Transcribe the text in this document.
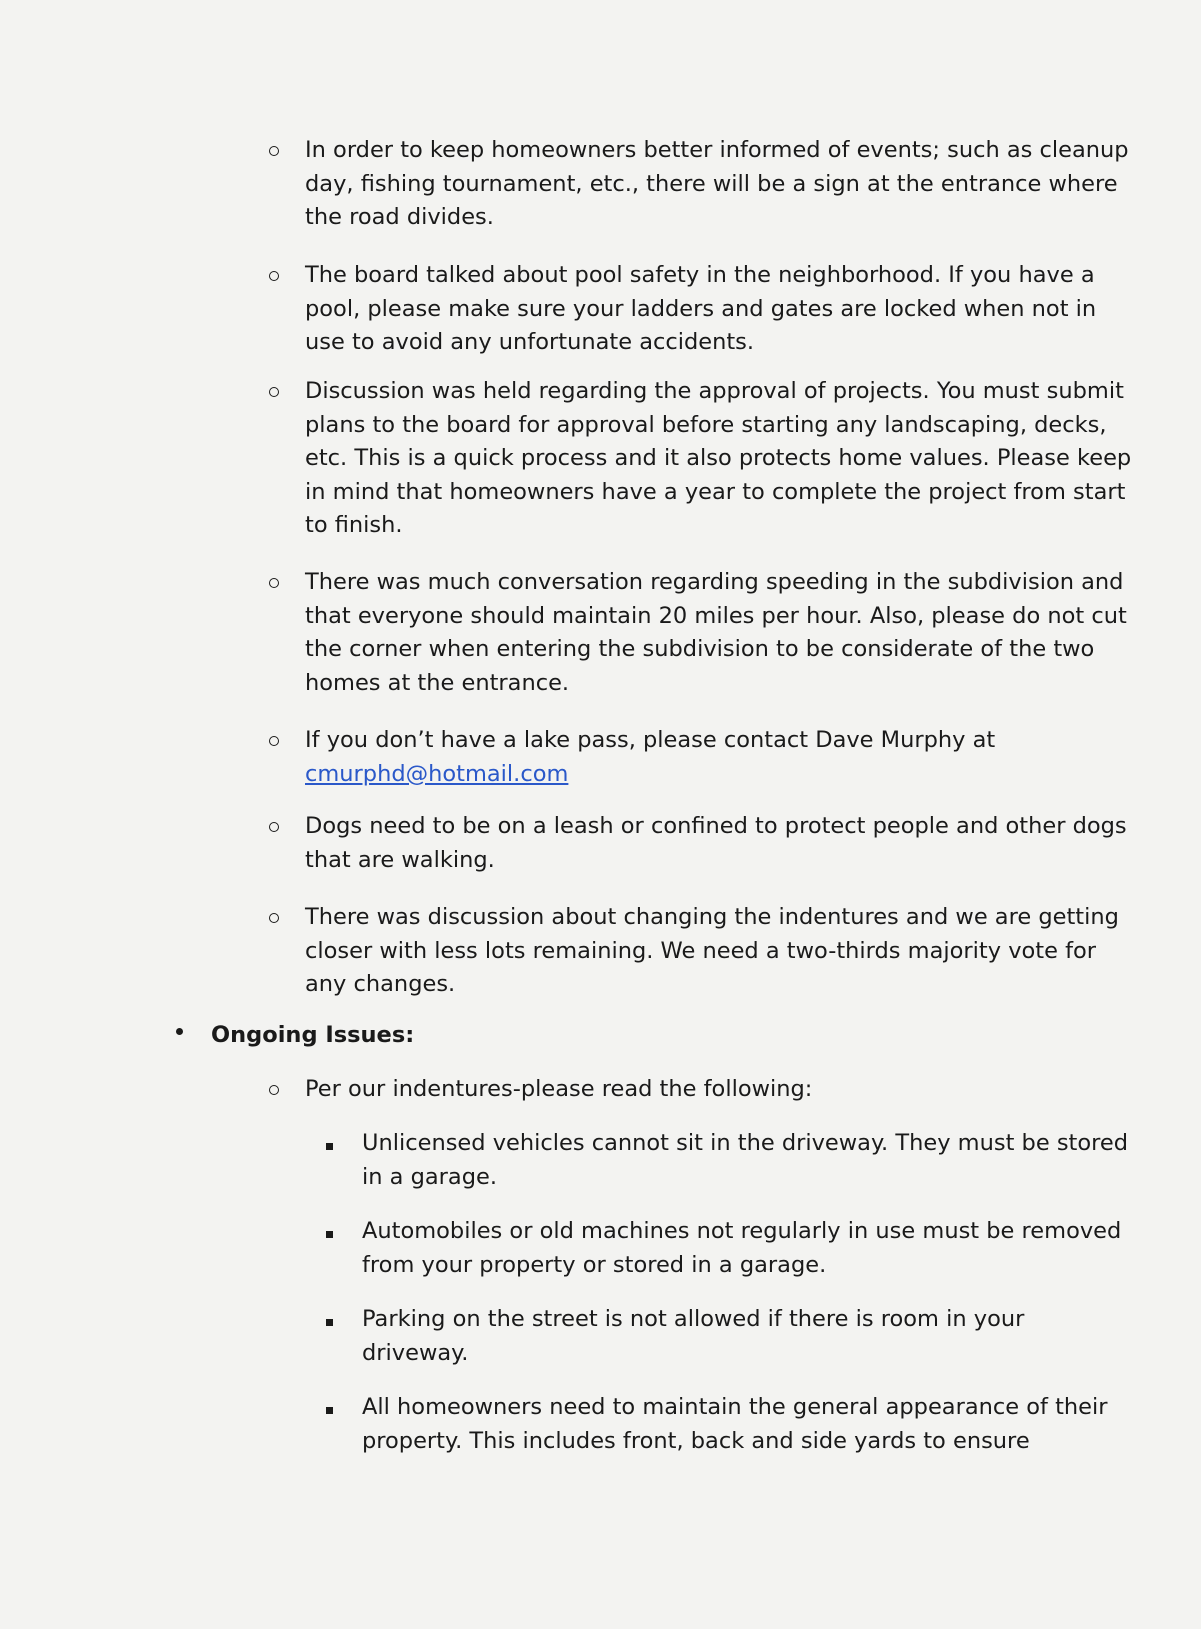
In order to keep homeowners better informed of events; such as cleanup day, fishing tournament, etc., there will be a sign at the entrance where the road divides.
The board talked about pool safety in the neighborhood. If you have a pool, please make sure your ladders and gates are locked when not in use to avoid any unfortunate accidents.
Discussion was held regarding the approval of projects. You must submit plans to the board for approval before starting any landscaping, decks, etc. This is a quick process and it also protects home values. Please keep in mind that homeowners have a year to complete the project from start to finish.
There was much conversation regarding speeding in the subdivision and that everyone should maintain 20 miles per hour. Also, please do not cut the corner when entering the subdivision to be considerate of the two homes at the entrance.
If you don’t have a lake pass, please contact Dave Murphy at cmurphd@hotmail.com
Dogs need to be on a leash or confined to protect people and other dogs that are walking.
There was discussion about changing the indentures and we are getting closer with less lots remaining. We need a two-thirds majority vote for any changes.
Ongoing Issues:
Per our indentures-please read the following:
Unlicensed vehicles cannot sit in the driveway. They must be stored in a garage.
Automobiles or old machines not regularly in use must be removed from your property or stored in a garage.
Parking on the street is not allowed if there is room in your driveway.
All homeowners need to maintain the general appearance of their property. This includes front, back and side yards to ensure
